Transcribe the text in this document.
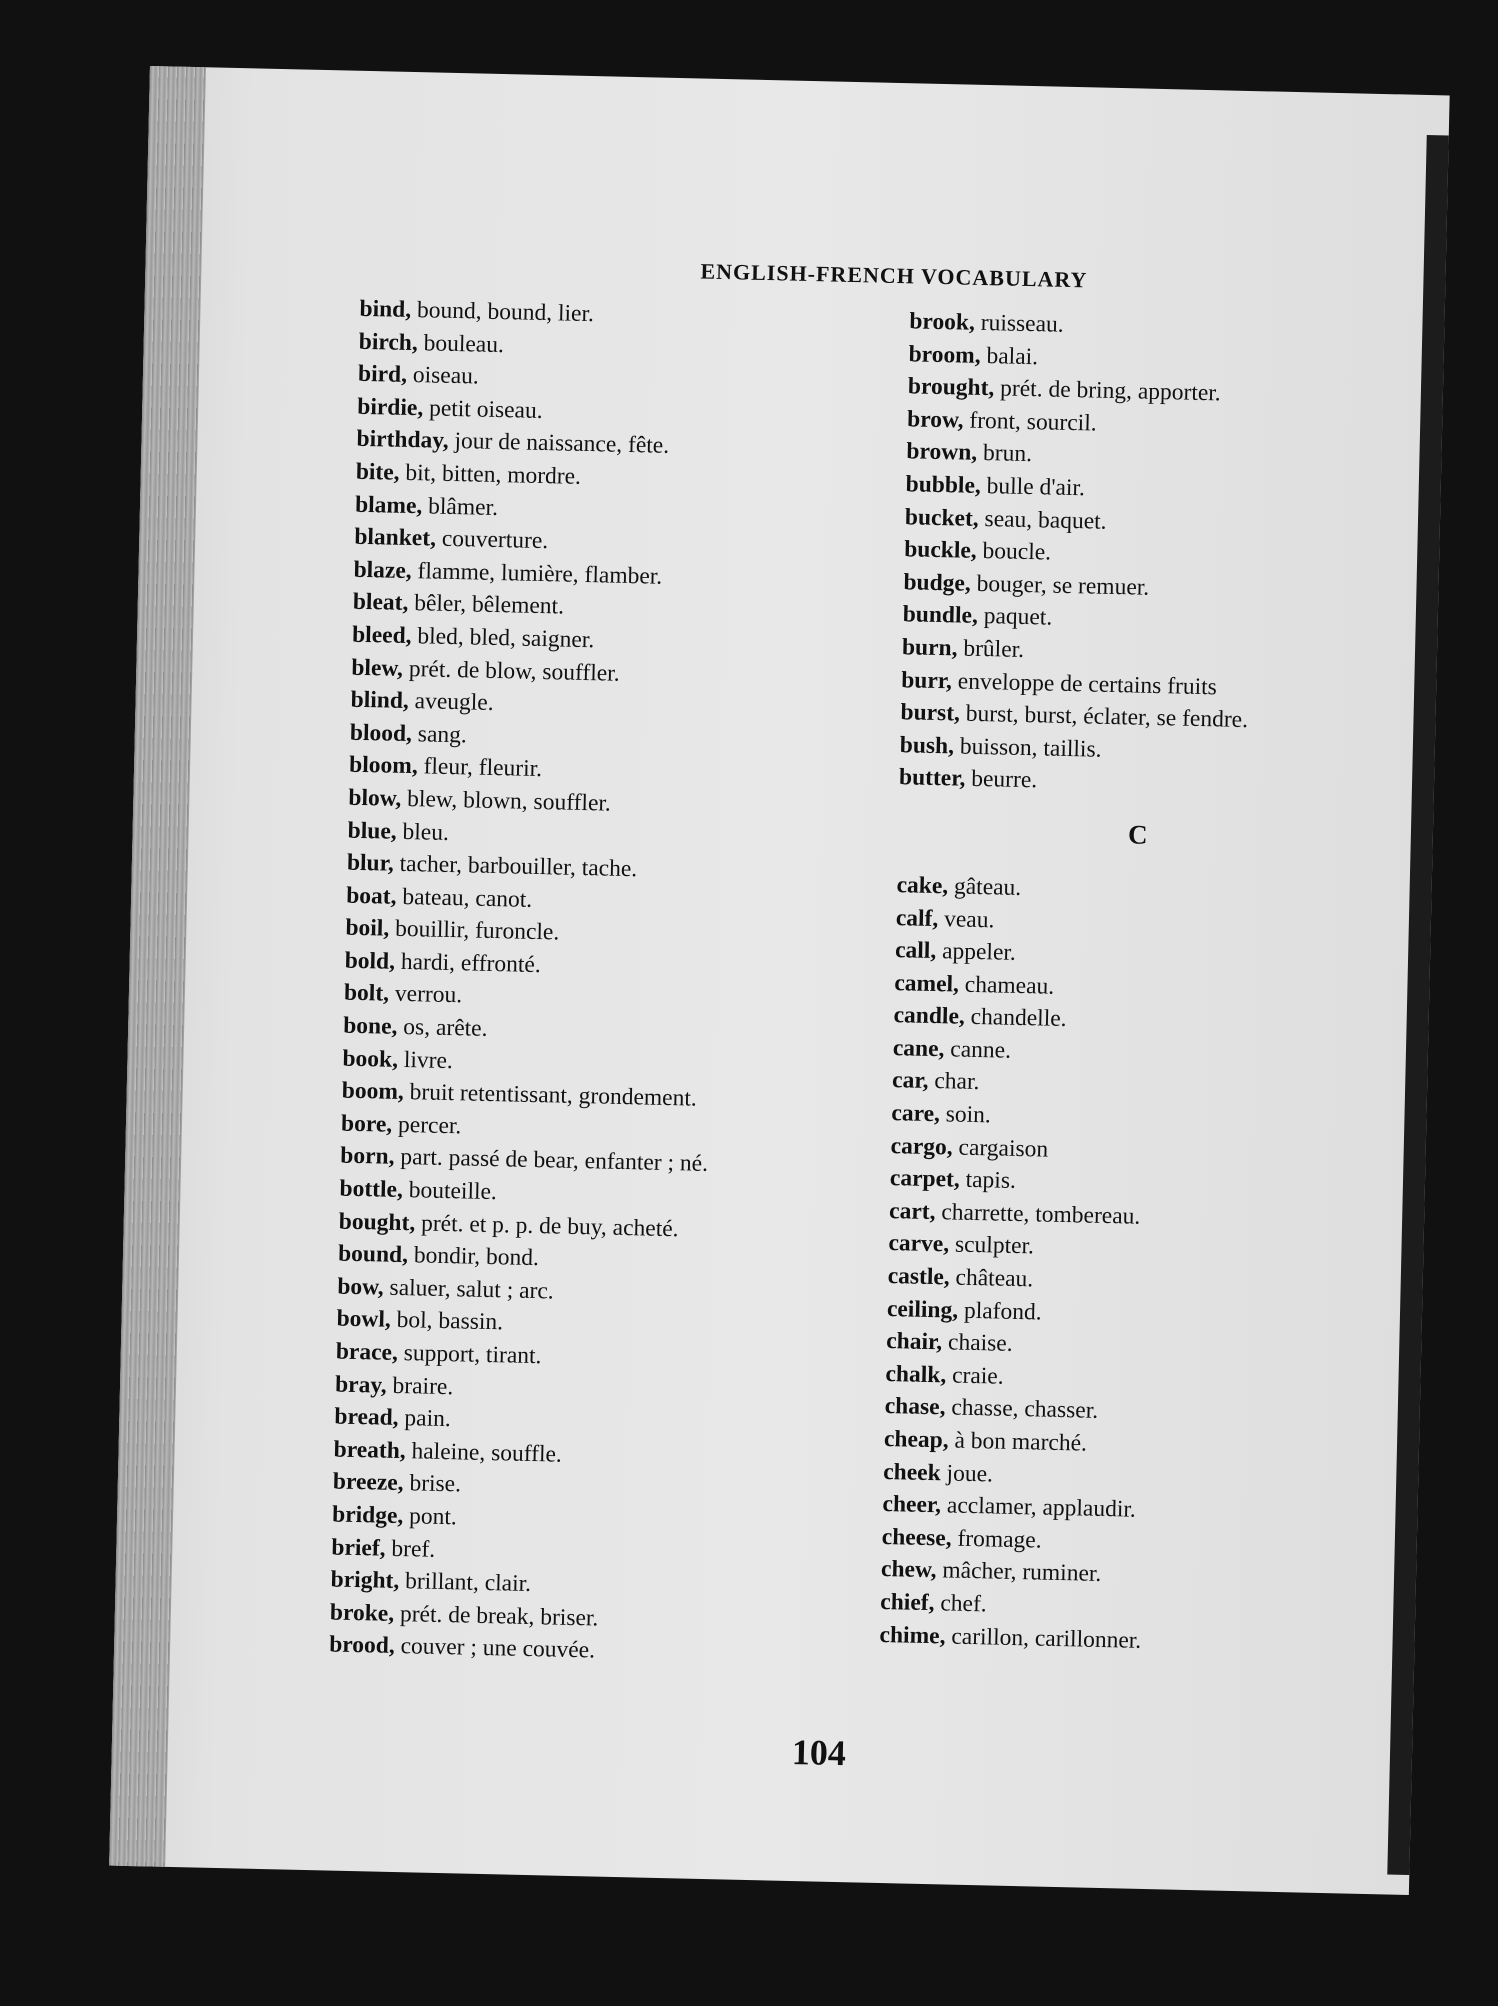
ENGLISH-FRENCH VOCABULARY
bind, bound, bound, lier.
birch, bouleau.
bird, oiseau.
birdie, petit oiseau.
birthday, jour de naissance, fête.
bite, bit, bitten, mordre.
blame, blâmer.
blanket, couverture.
blaze, flamme, lumière, flamber.
bleat, bêler, bêlement.
bleed, bled, bled, saigner.
blew, prét. de blow, souffler.
blind, aveugle.
blood, sang.
bloom, fleur, fleurir.
blow, blew, blown, souffler.
blue, bleu.
blur, tacher, barbouiller, tache.
boat, bateau, canot.
boil, bouillir, furoncle.
bold, hardi, effronté.
bolt, verrou.
bone, os, arête.
book, livre.
boom, bruit retentissant, grondement.
bore, percer.
born, part. passé de bear, enfanter ; né.
bottle, bouteille.
bought, prét. et p. p. de buy, acheté.
bound, bondir, bond.
bow, saluer, salut ; arc.
bowl, bol, bassin.
brace, support, tirant.
bray, braire.
bread, pain.
breath, haleine, souffle.
breeze, brise.
bridge, pont.
brief, bref.
bright, brillant, clair.
broke, prét. de break, briser.
brood, couver ; une couvée.
brook, ruisseau.
broom, balai.
brought, prét. de bring, apporter.
brow, front, sourcil.
brown, brun.
bubble, bulle d'air.
bucket, seau, baquet.
buckle, boucle.
budge, bouger, se remuer.
bundle, paquet.
burn, brûler.
burr, enveloppe de certains fruits
burst, burst, burst, éclater, se fendre.
bush, buisson, taillis.
butter, beurre.
C
cake, gâteau.
calf, veau.
call, appeler.
camel, chameau.
candle, chandelle.
cane, canne.
car, char.
care, soin.
cargo, cargaison
carpet, tapis.
cart, charrette, tombereau.
carve, sculpter.
castle, château.
ceiling, plafond.
chair, chaise.
chalk, craie.
chase, chasse, chasser.
cheap, à bon marché.
cheek joue.
cheer, acclamer, applaudir.
cheese, fromage.
chew, mâcher, ruminer.
chief, chef.
chime, carillon, carillonner.
104
